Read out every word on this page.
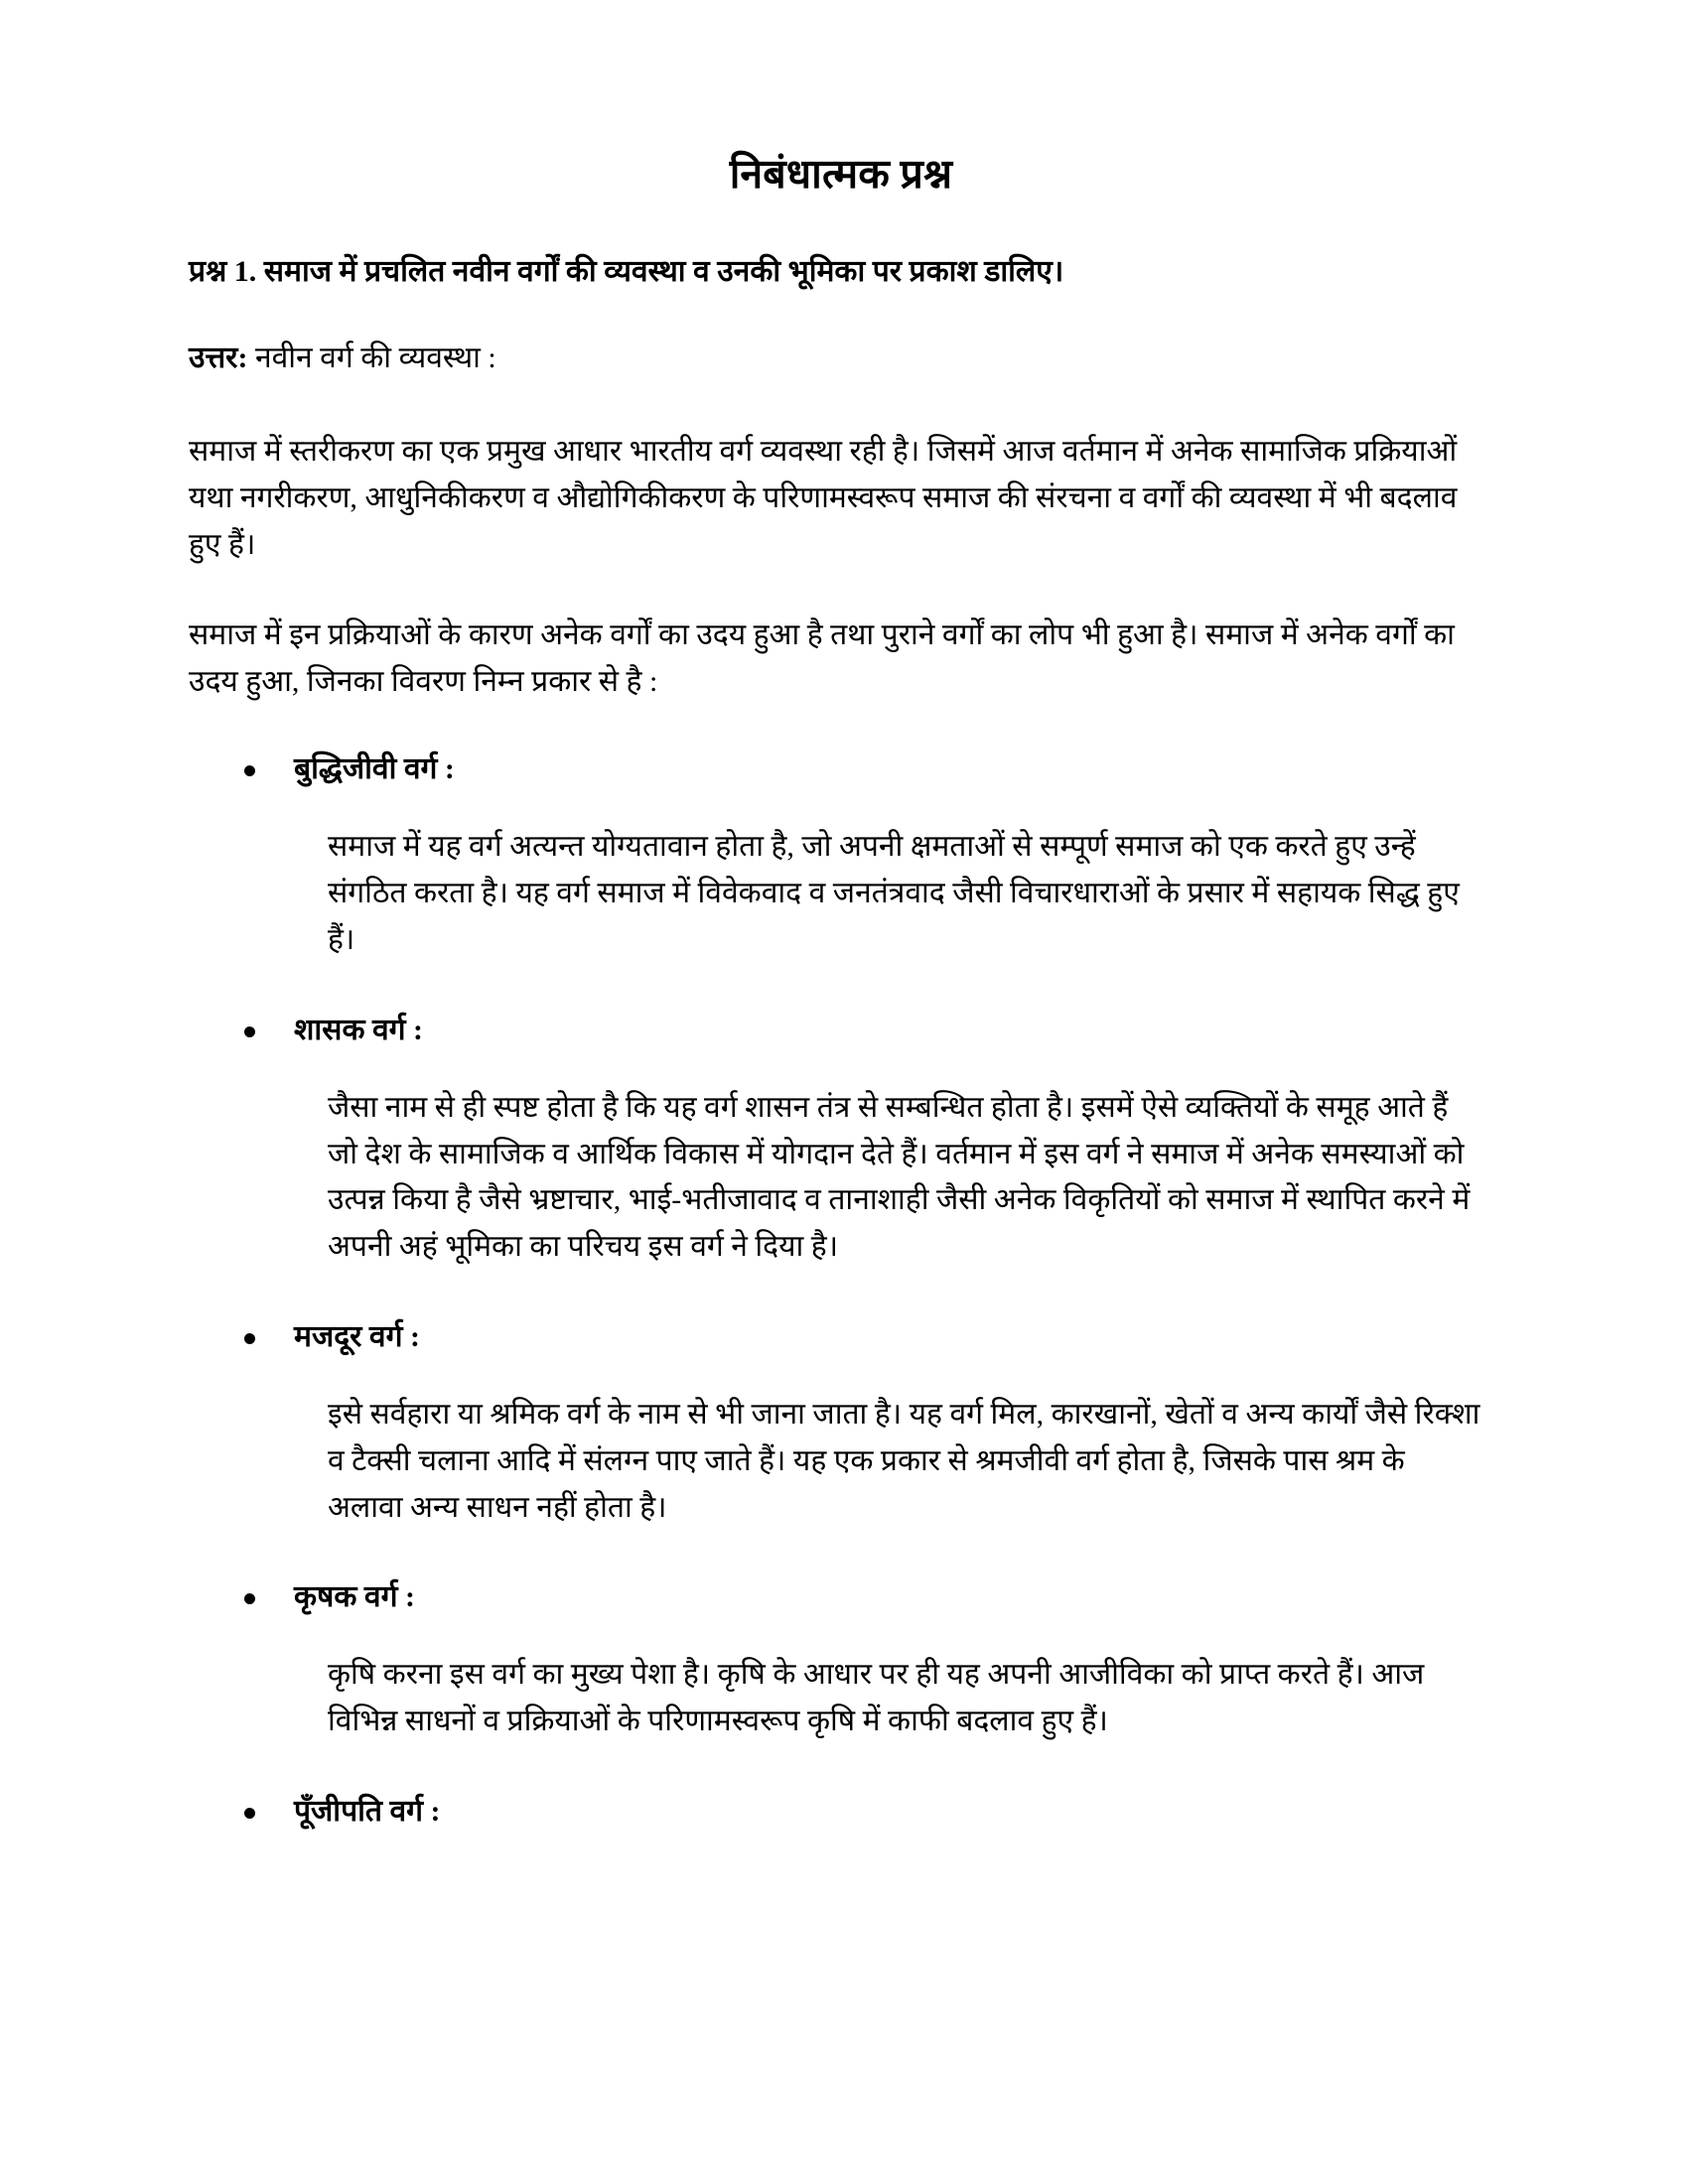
निबंधात्मक प्रश्न

प्रश्न 1. समाज में प्रचलित नवीन वर्गों की व्यवस्था व उनकी भूमिका पर प्रकाश डालिए।

उत्तर: नवीन वर्ग की व्यवस्था :

समाज में स्तरीकरण का एक प्रमुख आधार भारतीय वर्ग व्यवस्था रही है। जिसमें आज वर्तमान में अनेक सामाजिक प्रक्रियाओं यथा नगरीकरण, आधुनिकीकरण व औद्योगिकीकरण के परिणामस्वरूप समाज की संरचना व वर्गों की व्यवस्था में भी बदलाव हुए हैं।

समाज में इन प्रक्रियाओं के कारण अनेक वर्गों का उदय हुआ है तथा पुराने वर्गों का लोप भी हुआ है। समाज में अनेक वर्गों का उदय हुआ, जिनका विवरण निम्न प्रकार से है :

बुद्धिजीवी वर्ग :

समाज में यह वर्ग अत्यन्त योग्यतावान होता है, जो अपनी क्षमताओं से सम्पूर्ण समाज को एक करते हुए उन्हें संगठित करता है। यह वर्ग समाज में विवेकवाद व जनतंत्रवाद जैसी विचारधाराओं के प्रसार में सहायक सिद्ध हुए हैं।

शासक वर्ग :

जैसा नाम से ही स्पष्ट होता है कि यह वर्ग शासन तंत्र से सम्बन्धित होता है। इसमें ऐसे व्यक्तियों के समूह आते हैं जो देश के सामाजिक व आर्थिक विकास में योगदान देते हैं। वर्तमान में इस वर्ग ने समाज में अनेक समस्याओं को उत्पन्न किया है जैसे भ्रष्टाचार, भाई-भतीजावाद व तानाशाही जैसी अनेक विकृतियों को समाज में स्थापित करने में अपनी अहं भूमिका का परिचय इस वर्ग ने दिया है।

मजदूर वर्ग :

इसे सर्वहारा या श्रमिक वर्ग के नाम से भी जाना जाता है। यह वर्ग मिल, कारखानों, खेतों व अन्य कार्यों जैसे रिक्शा व टैक्सी चलाना आदि में संलग्न पाए जाते हैं। यह एक प्रकार से श्रमजीवी वर्ग होता है, जिसके पास श्रम के अलावा अन्य साधन नहीं होता है।

कृषक वर्ग :

कृषि करना इस वर्ग का मुख्य पेशा है। कृषि के आधार पर ही यह अपनी आजीविका को प्राप्त करते हैं। आज विभिन्न साधनों व प्रक्रियाओं के परिणामस्वरूप कृषि में काफी बदलाव हुए हैं।

पूँजीपति वर्ग :
